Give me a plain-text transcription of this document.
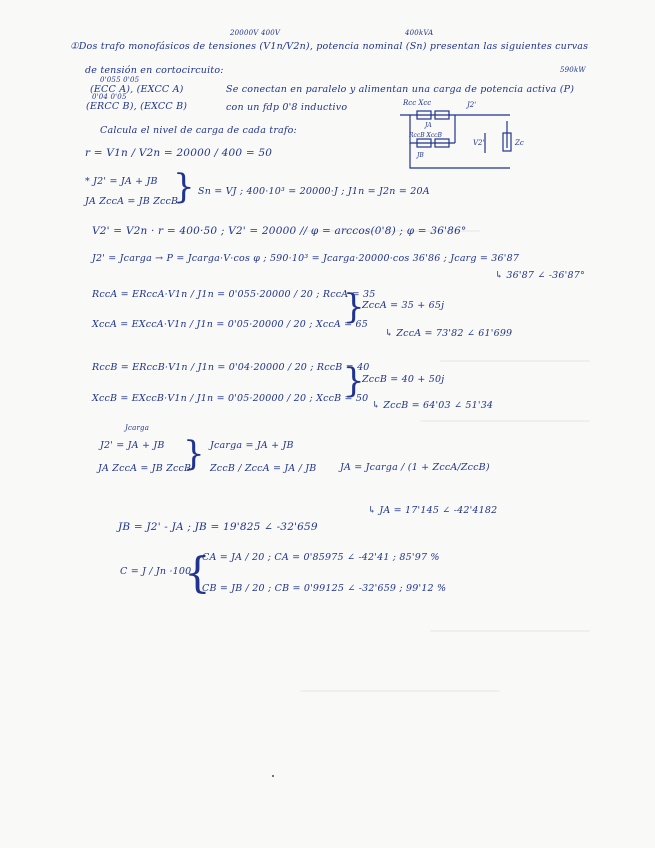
①Dos trafo monofásicos de tensiones (V1n/V2n), potencia nominal (Sn) presentan las siguientes curvas
20000V 400V	400kVA
de tensión en cortocircuito:
0'055 0'05
590kW
(ECC A), (EXCC A)	Se conectan en paralelo y alimentan una carga de potencia activa (P)
0'04 0'05
(ERCC B), (EXCC B)	con un fdp 0'8 inductivo	Rcc Xcc
JA
RccB XccB
JB
J2'
V2'	Zc
Calcula el nivel de carga de cada trafo:
r = V1n / V2n = 20000 / 400 = 50
* J2' = JA + JB
JA ZccA = JB ZccB
} Sn = VJ ; 400·10³ = 20000·J ; J1n = J2n = 20A
V2' = V2n · r = 400·50 ; V2' = 20000 // φ = arccos(0'8) ; φ = 36'86°
J2' = Jcarga → P = Jcarga·V·cos φ ; 590·10³ = Jcarga·20000·cos 36'86 ; Jcarg = 36'87
↳ 36'87 ∠ -36'87°
RccA = ERccA·V1n / J1n = 0'055·20000 / 20 ; RccA = 35
XccA = EXccA·V1n / J1n = 0'05·20000 / 20 ; XccA = 65
}
ZccA = 35 + 65j
↳ ZccA = 73'82 ∠ 61'699
RccB = ERccB·V1n / J1n = 0'04·20000 / 20 ; RccB = 40
XccB = EXccB·V1n / J1n = 0'05·20000 / 20 ; XccB = 50
}
ZccB = 40 + 50j
↳ ZccB = 64'03 ∠ 51'34
Jcarga
J2' = JA + JB
JA ZccA = JB ZccB
} Jcarga = JA + JB
ZccB / ZccA = JA / JB JA = Jcarga / (1 + ZccA/ZccB)
↳ JA = 17'145 ∠ -42'4182
JB = J2' - JA ; JB = 19'825 ∠ -32'659
C = J / Jn ·100
{
CA = JA / 20 ; CA = 0'85975 ∠ -42'41 ; 85'97 %
CB = JB / 20 ; CB = 0'99125 ∠ -32'659 ; 99'12 %
